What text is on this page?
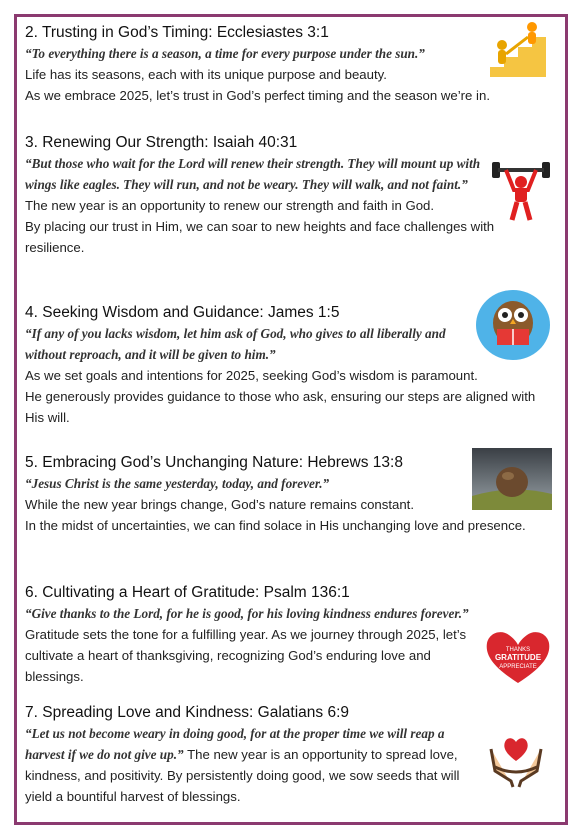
2. Trusting in God’s Timing: Ecclesiastes 3:1

“To everything there is a season, a time for every purpose under the sun.”

Life has its seasons, each with its unique purpose and beauty.

As we embrace 2025, let’s trust in God’s perfect timing and the season we’re in.

3. Renewing Our Strength: Isaiah 40:31

“But those who wait for the Lord will renew their strength. They will mount up with wings like eagles. They will run, and not be weary. They will walk, and not faint.”

The new year is an opportunity to renew our strength and faith in God.

By placing our trust in Him, we can soar to new heights and face challenges with resilience.

4. Seeking Wisdom and Guidance: James 1:5

“If any of you lacks wisdom, let him ask of God, who gives to all liberally and without reproach, and it will be given to him.”

As we set goals and intentions for 2025, seeking God’s wisdom is paramount.

He generously provides guidance to those who ask, ensuring our steps are aligned with His will.

5. Embracing God’s Unchanging Nature: Hebrews 13:8

“Jesus Christ is the same yesterday, today, and forever.”

While the new year brings change, God’s nature remains constant.

In the midst of uncertainties, we can find solace in His unchanging love and presence.

6. Cultivating a Heart of Gratitude: Psalm 136:1

“Give thanks to the Lord, for he is good, for his loving kindness endures forever.”

Gratitude sets the tone for a fulfilling year. As we journey through 2025, let’s cultivate a heart of thanksgiving, recognizing God’s enduring love and blessings.

THANKS
GRATITUDE
APPRECIATE

7. Spreading Love and Kindness: Galatians 6:9

“Let us not become weary in doing good, for at the proper time we will reap a harvest if we do not give up.” The new year is an opportunity to spread love, kindness, and positivity. By persistently doing good, we sow seeds that will yield a bountiful harvest of blessings.
